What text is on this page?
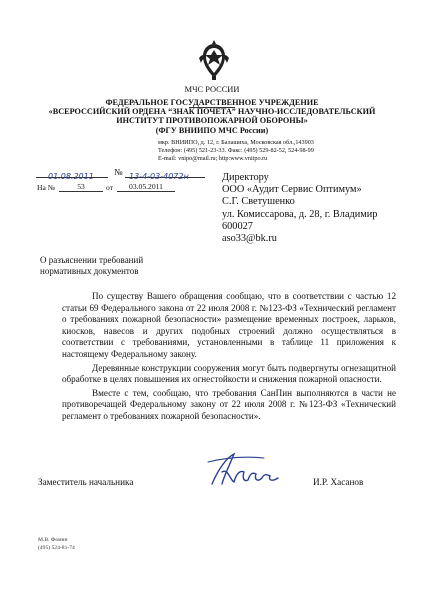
МЧС РОССИИ
ФЕДЕРАЛЬНОЕ ГОСУДАРСТВЕННОЕ УЧРЕЖДЕНИЕ
«ВСЕРОССИЙСКИЙ ОРДЕНА “ЗНАК ПОЧЕТА” НАУЧНО-ИССЛЕДОВАТЕЛЬСКИЙ
ИНСТИТУТ ПРОТИВОПОЖАРНОЙ ОБОРОНЫ»
(ФГУ ВНИИПО МЧС России)
мкр. ВНИИПО, д. 12, г. Балашиха, Московская обл.,143903
Телефон: (495) 521-23-33. Факс: (495) 529-82-52, 524-98-99
E-mail: vnipo@mail.ru; http:www.vniipo.ru
01.08.2011	№ 13-4-03-4072н
На №	53	от	03.05.2011
Директору
ООО «Аудит Сервис Оптимум»
С.Г. Светушенко
ул. Комиссарова, д. 28, г. Владимир
600027
aso33@bk.ru
О разъяснении требований
нормативных документов

По существу Вашего обращения сообщаю, что в соответствии с частью 12 статьи 69 Федерального закона от 22 июля 2008 г. №123-ФЗ «Технический регламент о требованиях пожарной безопасности» размещение временных построек, ларьков, киосков, навесов и других подобных строений должно осуществляться в соответствии с требованиями, установленными в таблице 11 приложения к настоящему Федеральному закону.

Деревянные конструкции сооружения могут быть подвергнуты огнезащитной обработке в целях повышения их огнестойкости и снижения пожарной опасности.

Вместе с тем, сообщаю, что требования СанПин выполняются в части не противоречащей Федеральному закону от 22 июля 2008 г. №123-ФЗ «Технический регламент о требованиях пожарной безопасности».

Заместитель начальника	И.Р. Хасанов
М.В. Фомин
(495) 524-81-74
